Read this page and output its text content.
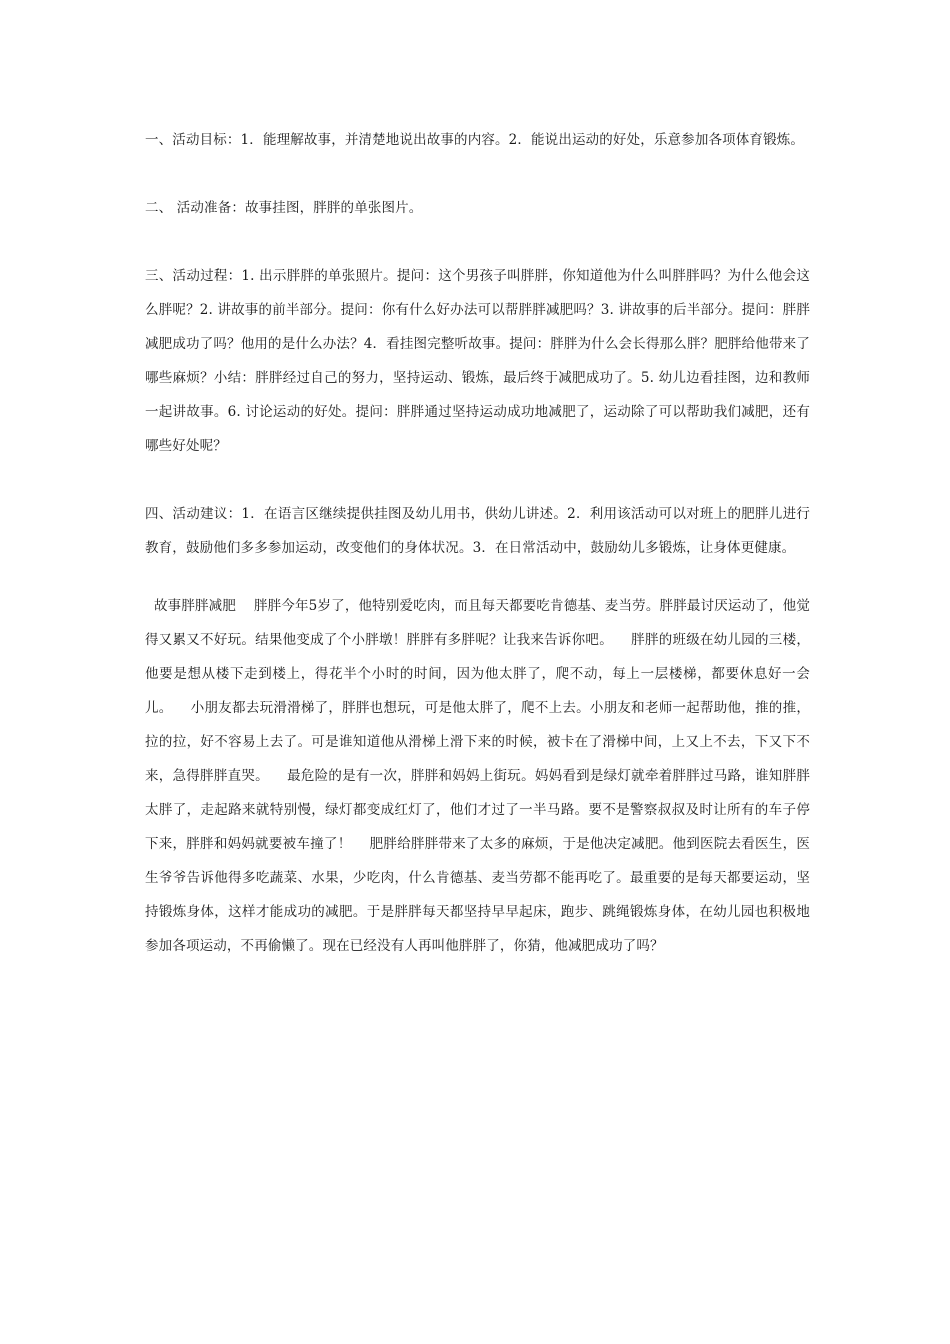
一、活动目标：1．能理解故事，并清楚地说出故事的内容。2．能说出运动的好处，乐意参加各项体育锻炼。

二、 活动准备：故事挂图，胖胖的单张图片。

三、活动过程：1. 出示胖胖的单张照片。提问：这个男孩子叫胖胖，你知道他为什么叫胖胖吗？为什么他会这么胖呢？2. 讲故事的前半部分。提问：你有什么好办法可以帮胖胖减肥吗？3. 讲故事的后半部分。提问：胖胖减肥成功了吗？他用的是什么办法？4．看挂图完整听故事。提问：胖胖为什么会长得那么胖？肥胖给他带来了哪些麻烦？小结：胖胖经过自己的努力，坚持运动、锻炼，最后终于减肥成功了。5. 幼儿边看挂图，边和教师一起讲故事。6. 讨论运动的好处。提问：胖胖通过坚持运动成功地减肥了，运动除了可以帮助我们减肥，还有哪些好处呢？

四、活动建议：1．在语言区继续提供挂图及幼儿用书，供幼儿讲述。2．利用该活动可以对班上的肥胖儿进行教育，鼓励他们多多参加运动，改变他们的身体状况。3．在日常活动中，鼓励幼儿多锻炼，让身体更健康。

故事胖胖减肥    胖胖今年5岁了，他特别爱吃肉，而且每天都要吃肯德基、麦当劳。胖胖最讨厌运动了，他觉得又累又不好玩。结果他变成了个小胖墩！胖胖有多胖呢？让我来告诉你吧。    胖胖的班级在幼儿园的三楼，他要是想从楼下走到楼上，得花半个小时的时间，因为他太胖了，爬不动，每上一层楼梯，都要休息好一会儿。    小朋友都去玩滑滑梯了，胖胖也想玩，可是他太胖了，爬不上去。小朋友和老师一起帮助他，推的推，拉的拉，好不容易上去了。可是谁知道他从滑梯上滑下来的时候，被卡在了滑梯中间，上又上不去，下又下不来，急得胖胖直哭。    最危险的是有一次，胖胖和妈妈上街玩。妈妈看到是绿灯就牵着胖胖过马路，谁知胖胖太胖了，走起路来就特别慢，绿灯都变成红灯了，他们才过了一半马路。要不是警察叔叔及时让所有的车子停下来，胖胖和妈妈就要被车撞了！    肥胖给胖胖带来了太多的麻烦，于是他决定减肥。他到医院去看医生，医生爷爷告诉他得多吃蔬菜、水果，少吃肉，什么肯德基、麦当劳都不能再吃了。最重要的是每天都要运动，坚持锻炼身体，这样才能成功的减肥。于是胖胖每天都坚持早早起床，跑步、跳绳锻炼身体，在幼儿园也积极地参加各项运动，不再偷懒了。现在已经没有人再叫他胖胖了，你猜，他减肥成功了吗？
